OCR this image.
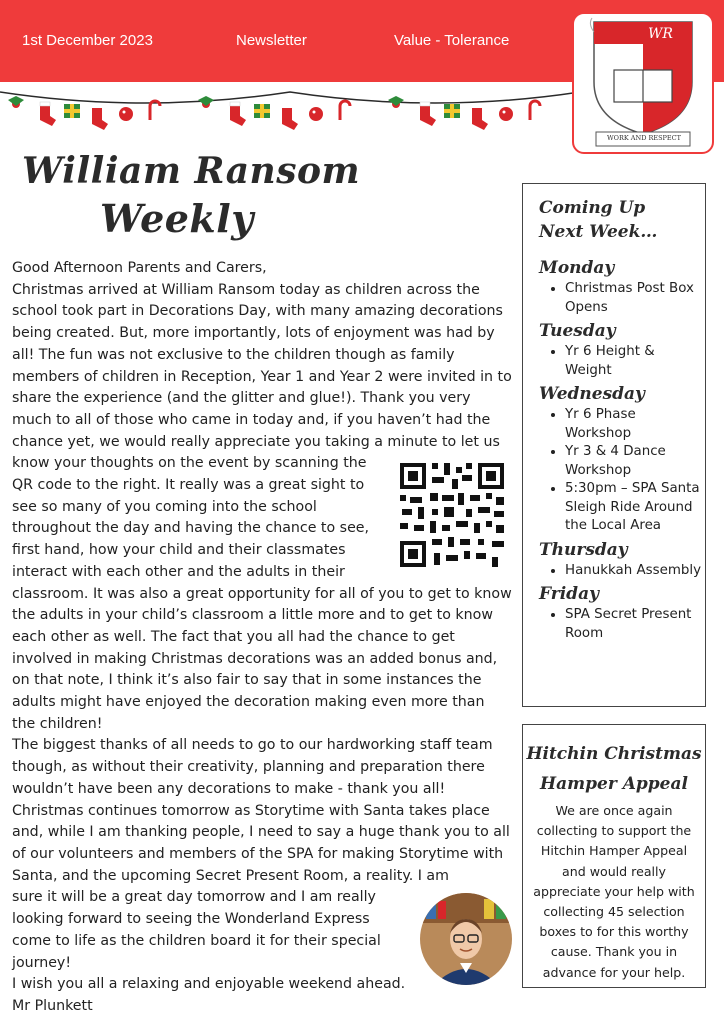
1st December 2023	Newsletter	Value - Tolerance	WR
WORK AND RESPECT
William Ransom
Weekly

Good Afternoon Parents and Carers,

Christmas arrived at William Ransom today as children across the school took part in Decorations Day, with many amazing decorations being created. But, more importantly, lots of enjoyment was had by all! The fun was not exclusive to the children though as family members of children in Reception, Year 1 and Year 2 were invited in to share the experience (and the glitter and glue!). Thank you very much to all of those who came in today and, if you haven’t had the chance yet, we would really appreciate you taking a minute to let us

know your thoughts on the event by scanning the QR code to the right. It really was a great sight to see so many of you coming into the school throughout the day and having the chance to see, first hand, how your child and their classmates interact with each other and the adults in their classroom. It was also a great opportunity for all of you to get to know the adults in your child’s classroom a little more and to get to know each other as well. The fact that you all had the chance to get involved in making Christmas decorations was an added bonus and, on that note, I think it’s also fair to say that in some instances the adults might have enjoyed the decoration making even more than the children!

The biggest thanks of all needs to go to our hardworking staff team though, as without their creativity, planning and preparation there wouldn’t have been any decorations to make - thank you all!

Christmas continues tomorrow as Storytime with Santa takes place and, while I am thanking people, I need to say a huge thank you to all of our volunteers and members of the SPA for making Storytime with Santa, and the upcoming Secret Present Room, a reality. I am

sure it will be a great day tomorrow and I am really looking forward to seeing the Wonderland Express come to life as the children board it for their special journey!

I wish you all a relaxing and enjoyable weekend ahead.

Mr Plunkett

Coming Up Next Week…
Monday
• Christmas Post Box Opens
Tuesday
• Yr 6 Height & Weight
Wednesday
• Yr 6 Phase Workshop
• Yr 3 & 4 Dance Workshop
• 5:30pm – SPA Santa Sleigh Ride Around the Local Area
Thursday
• Hanukkah Assembly
Friday
• SPA Secret Present Room
Hitchin Christmas Hamper Appeal
We are once again collecting to support the Hitchin Hamper Appeal and would really appreciate your help with collecting 45 selection boxes to for this worthy cause. Thank you in advance for your help.
